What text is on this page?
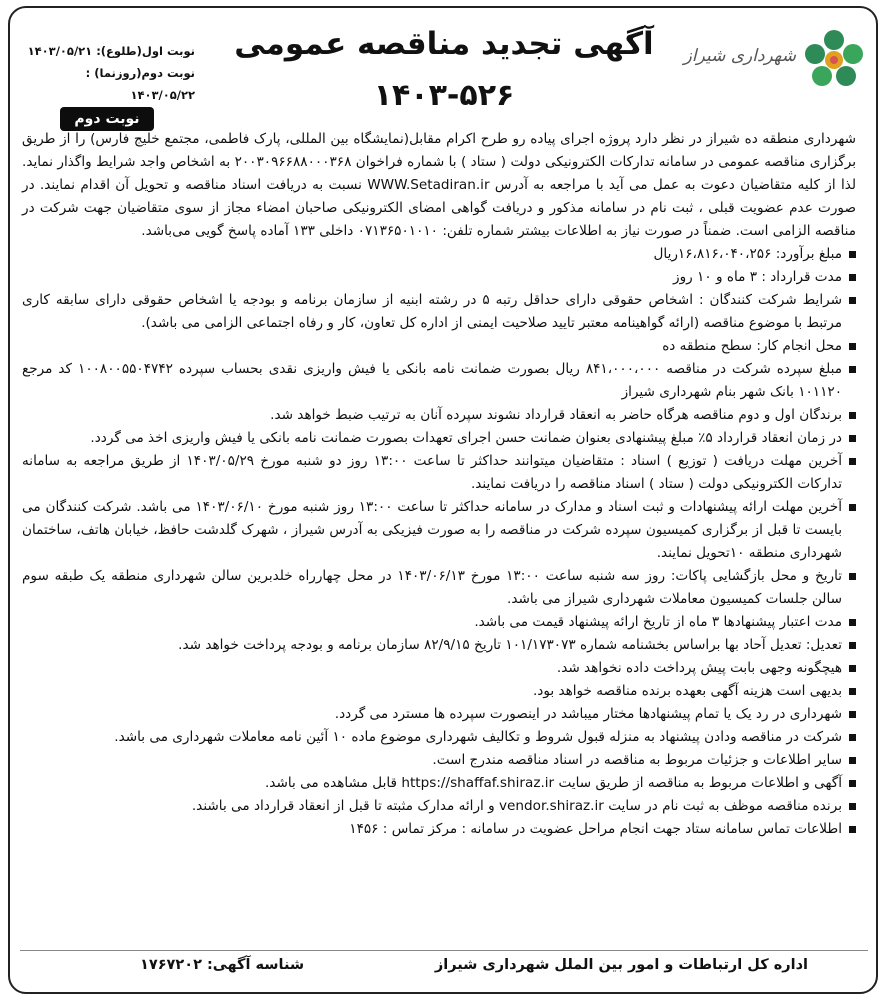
شهرداری شیراز
آگهی تجدید مناقصه عمومی
۱۴۰۳-۵۲۶
نوبت اول(طلوع): ۱۴۰۳/۰۵/۲۱
نوبت دوم(روزنما) : ۱۴۰۳/۰۵/۲۲
نوبت دوم

شهرداری منطقه ده شیراز در نظر دارد پروژه اجرای پیاده رو طرح اکرام مقابل(نمایشگاه بین المللی، پارک فاطمی، مجتمع خلیج فارس) را از طریق برگزاری مناقصه عمومی در سامانه تدارکات الکترونیکی دولت ( ستاد ) با شماره فراخوان ۲۰۰۳۰۹۶۶۸۸۰۰۰۳۶۸ به اشخاص واجد شرایط واگذار نماید. لذا از کلیه متقاضیان دعوت به عمل می آید با مراجعه به آدرس WWW.Setadiran.ir نسبت به دریافت اسناد مناقصه و تحویل آن اقدام نمایند. در صورت عدم عضویت قبلی ، ثبت نام در سامانه مذکور و دریافت گواهی امضای الکترونیکی صاحبان امضاء مجاز از سوی متقاضیان جهت شرکت در مناقصه الزامی است. ضمناً در صورت نیاز به اطلاعات بیشتر شماره تلفن: ۰۷۱۳۶۵۰۱۰۱۰ داخلی ۱۳۳ آماده پاسخ گویی می‌باشد.

مبلغ برآورد: ۱۶،۸۱۶،۰۴۰،۲۵۶ریال
مدت قرارداد : ۳ ماه و ۱۰ روز
شرایط شرکت کنندگان : اشخاص حقوقی دارای حداقل رتبه ۵ در رشته ابنیه از سازمان برنامه و بودجه یا اشخاص حقوقی دارای سابقه کاری مرتبط با موضوع مناقصه (ارائه گواهینامه معتبر تایید صلاحیت ایمنی از اداره کل تعاون، کار و رفاه اجتماعی الزامی می باشد).
محل انجام کار: سطح منطقه ده
مبلغ سپرده شرکت در مناقصه ۸۴۱،۰۰۰،۰۰۰ ریال بصورت ضمانت نامه بانکی یا فیش واریزی نقدی بحساب سپرده ۱۰۰۸۰۰۵۵۰۴۷۴۲ کد مرجع ۱۰۱۱۲۰ بانک شهر بنام شهرداری شیراز
برندگان اول و دوم مناقصه هرگاه حاضر به انعقاد قرارداد نشوند سپرده آنان به ترتیب ضبط خواهد شد.
در زمان انعقاد قرارداد ۵٪ مبلغ پیشنهادی بعنوان ضمانت حسن اجرای تعهدات بصورت ضمانت نامه بانکی یا فیش واریزی اخذ می گردد.
آخرین مهلت دریافت ( توزیع ) اسناد : متقاضیان میتوانند حداکثر تا ساعت ۱۳:۰۰ روز دو شنبه مورخ ۱۴۰۳/۰۵/۲۹ از طریق مراجعه به سامانه تدارکات الکترونیکی دولت ( ستاد ) اسناد مناقصه را دریافت نمایند.
آخرین مهلت ارائه پیشنهادات و ثبت اسناد و مدارک در سامانه حداکثر تا ساعت ۱۳:۰۰ روز شنبه مورخ ۱۴۰۳/۰۶/۱۰ می باشد. شرکت کنندگان می بایست تا قبل از برگزاری کمیسیون سپرده شرکت در مناقصه را به صورت فیزیکی به آدرس شیراز ، شهرک گلدشت حافظ، خیابان هاتف، ساختمان شهرداری منطقه ۱۰تحویل نمایند.
تاریخ و محل بازگشایی پاکات: روز سه شنبه ساعت ۱۳:۰۰ مورخ ۱۴۰۳/۰۶/۱۳ در محل چهارراه خلدبرین سالن شهرداری منطقه یک طبقه سوم سالن جلسات کمیسیون معاملات شهرداری شیراز می باشد.
مدت اعتبار پیشنهادها ۳ ماه از تاریخ ارائه پیشنهاد قیمت می باشد.
تعدیل: تعدیل آحاد بها براساس بخشنامه شماره ۱۰۱/۱۷۳۰۷۳ تاریخ ۸۲/۹/۱۵ سازمان برنامه و بودجه پرداخت خواهد شد.
هیچگونه وجهی بابت پیش پرداخت داده نخواهد شد.
بدیهی است هزینه آگهی بعهده برنده مناقصه خواهد بود.
شهرداری در رد یک یا تمام پیشنهادها مختار میباشد در اینصورت سپرده ها مسترد می گردد.
شرکت در مناقصه ودادن پیشنهاد به منزله قبول شروط و تکالیف شهرداری موضوع ماده ۱۰ آئین نامه معاملات شهرداری می باشد.
سایر اطلاعات و جزئیات مربوط به مناقصه در اسناد مناقصه مندرج است.
آگهی و اطلاعات مربوط به مناقصه از طریق سایت https://shaffaf.shiraz.ir قابل مشاهده می باشد.
برنده مناقصه موظف به ثبت نام در سایت vendor.shiraz.ir و ارائه مدارک مثبته تا قبل از انعقاد قرارداد می باشند.
اطلاعات تماس سامانه ستاد جهت انجام مراحل عضویت در سامانه : مرکز تماس : ۱۴۵۶
اداره کل ارتباطات و امور بین الملل شهرداری شیراز
شناسه آگهی: ۱۷۶۷۲۰۲
